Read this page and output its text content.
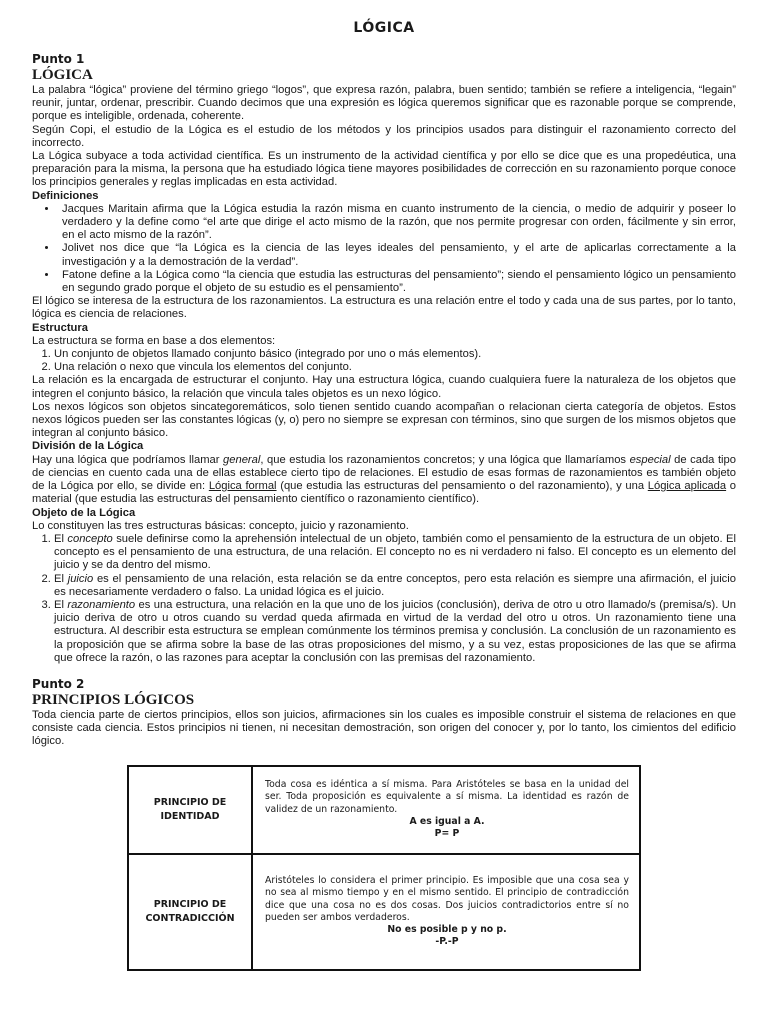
LÓGICA
Punto 1
LÓGICA

La palabra “lógica” proviene del término griego “logos”, que expresa razón, palabra, buen sentido; también se refiere a inteligencia, “legain” reunir, juntar, ordenar, prescribir. Cuando decimos que una expresión es lógica queremos significar que es razonable porque se comprende, porque es inteligible, ordenada, coherente.

Según Copi, el estudio de la Lógica es el estudio de los métodos y los principios usados para distinguir el razonamiento correcto del incorrecto.

La Lógica subyace a toda actividad científica. Es un instrumento de la actividad científica y por ello se dice que es una propedéutica, una preparación para la misma, la persona que ha estudiado lógica tiene mayores posibilidades de corrección en su razonamiento porque conoce los principios generales y reglas implicadas en esta actividad.

Definiciones
• Jacques Maritain afirma que la Lógica estudia la razón misma en cuanto instrumento de la ciencia, o medio de adquirir y poseer lo verdadero y la define como “el arte que dirige el acto mismo de la razón, que nos permite progresar con orden, fácilmente y sin error, en el acto mismo de la razón”.
• Jolivet nos dice que “la Lógica es la ciencia de las leyes ideales del pensamiento, y el arte de aplicarlas correctamente a la investigación y a la demostración de la verdad”.
• Fatone define a la Lógica como “la ciencia que estudia las estructuras del pensamiento”; siendo el pensamiento lógico un pensamiento en segundo grado porque el objeto de su estudio es el pensamiento”.

El lógico se interesa de la estructura de los razonamientos. La estructura es una relación entre el todo y cada una de sus partes, por lo tanto, lógica es ciencia de relaciones.

Estructura

La estructura se forma en base a dos elementos:

1. Un conjunto de objetos llamado conjunto básico (integrado por uno o más elementos).
2. Una relación o nexo que vincula los elementos del conjunto.

La relación es la encargada de estructurar el conjunto. Hay una estructura lógica, cuando cualquiera fuere la naturaleza de los objetos que integren el conjunto básico, la relación que vincula tales objetos es un nexo lógico.

Los nexos lógicos son objetos sincategoremáticos, solo tienen sentido cuando acompañan o relacionan cierta categoría de objetos. Estos nexos lógicos pueden ser las constantes lógicas (y, o) pero no siempre se expresan con términos, sino que surgen de los mismos objetos que integran al conjunto básico.

División de la Lógica

Hay una lógica que podríamos llamar general, que estudia los razonamientos concretos; y una lógica que llamaríamos especial de cada tipo de ciencias en cuento cada una de ellas establece cierto tipo de relaciones. El estudio de esas formas de razonamientos es también objeto de la Lógica por ello, se divide en: Lógica formal (que estudia las estructuras del pensamiento o del razonamiento), y una Lógica aplicada o material (que estudia las estructuras del pensamiento científico o razonamiento científico).

Objeto de la Lógica

Lo constituyen las tres estructuras básicas: concepto, juicio y razonamiento.

1. El concepto suele definirse como la aprehensión intelectual de un objeto, también como el pensamiento de la estructura de un objeto. El concepto es el pensamiento de una estructura, de una relación. El concepto no es ni verdadero ni falso. El concepto es un elemento del juicio y se da dentro del mismo.
2. El juicio es el pensamiento de una relación, esta relación se da entre conceptos, pero esta relación es siempre una afirmación, el juicio es necesariamente verdadero o falso. La unidad lógica es el juicio.
3. El razonamiento es una estructura, una relación en la que uno de los juicios (conclusión), deriva de otro u otro llamado/s (premisa/s). Un juicio deriva de otro u otros cuando su verdad queda afirmada en virtud de la verdad del otro u otros. Un razonamiento tiene una estructura. Al describir esta estructura se emplean comúnmente los términos premisa y conclusión. La conclusión de un razonamiento es la proposición que se afirma sobre la base de las otras proposiciones del mismo, y a su vez, estas proposiciones de las que se afirma que ofrece la razón, o las razones para aceptar la conclusión con las premisas del razonamiento.
Punto 2
PRINCIPIOS LÓGICOS

Toda ciencia parte de ciertos principios, ellos son juicios, afirmaciones sin los cuales es imposible construir el sistema de relaciones en que consiste cada ciencia. Estos principios ni tienen, ni necesitan demostración, son origen del conocer y, por lo tanto, los cimientos del edificio lógico.

PRINCIPIO DE IDENTIDAD	Toda cosa es idéntica a sí misma. Para Aristóteles se basa en la unidad del ser. Toda proposición es equivalente a sí misma. La identidad es razón de validez de un razonamiento.
A es igual a A.
P= P

PRINCIPIO DE CONTRADICCIÓN	Aristóteles lo considera el primer principio. Es imposible que una cosa sea y no sea al mismo tiempo y en el mismo sentido. El principio de contradicción dice que una cosa no es dos cosas. Dos juicios contradictorios entre sí no pueden ser ambos verdaderos.
No es posible p y no p.
-P.-P
